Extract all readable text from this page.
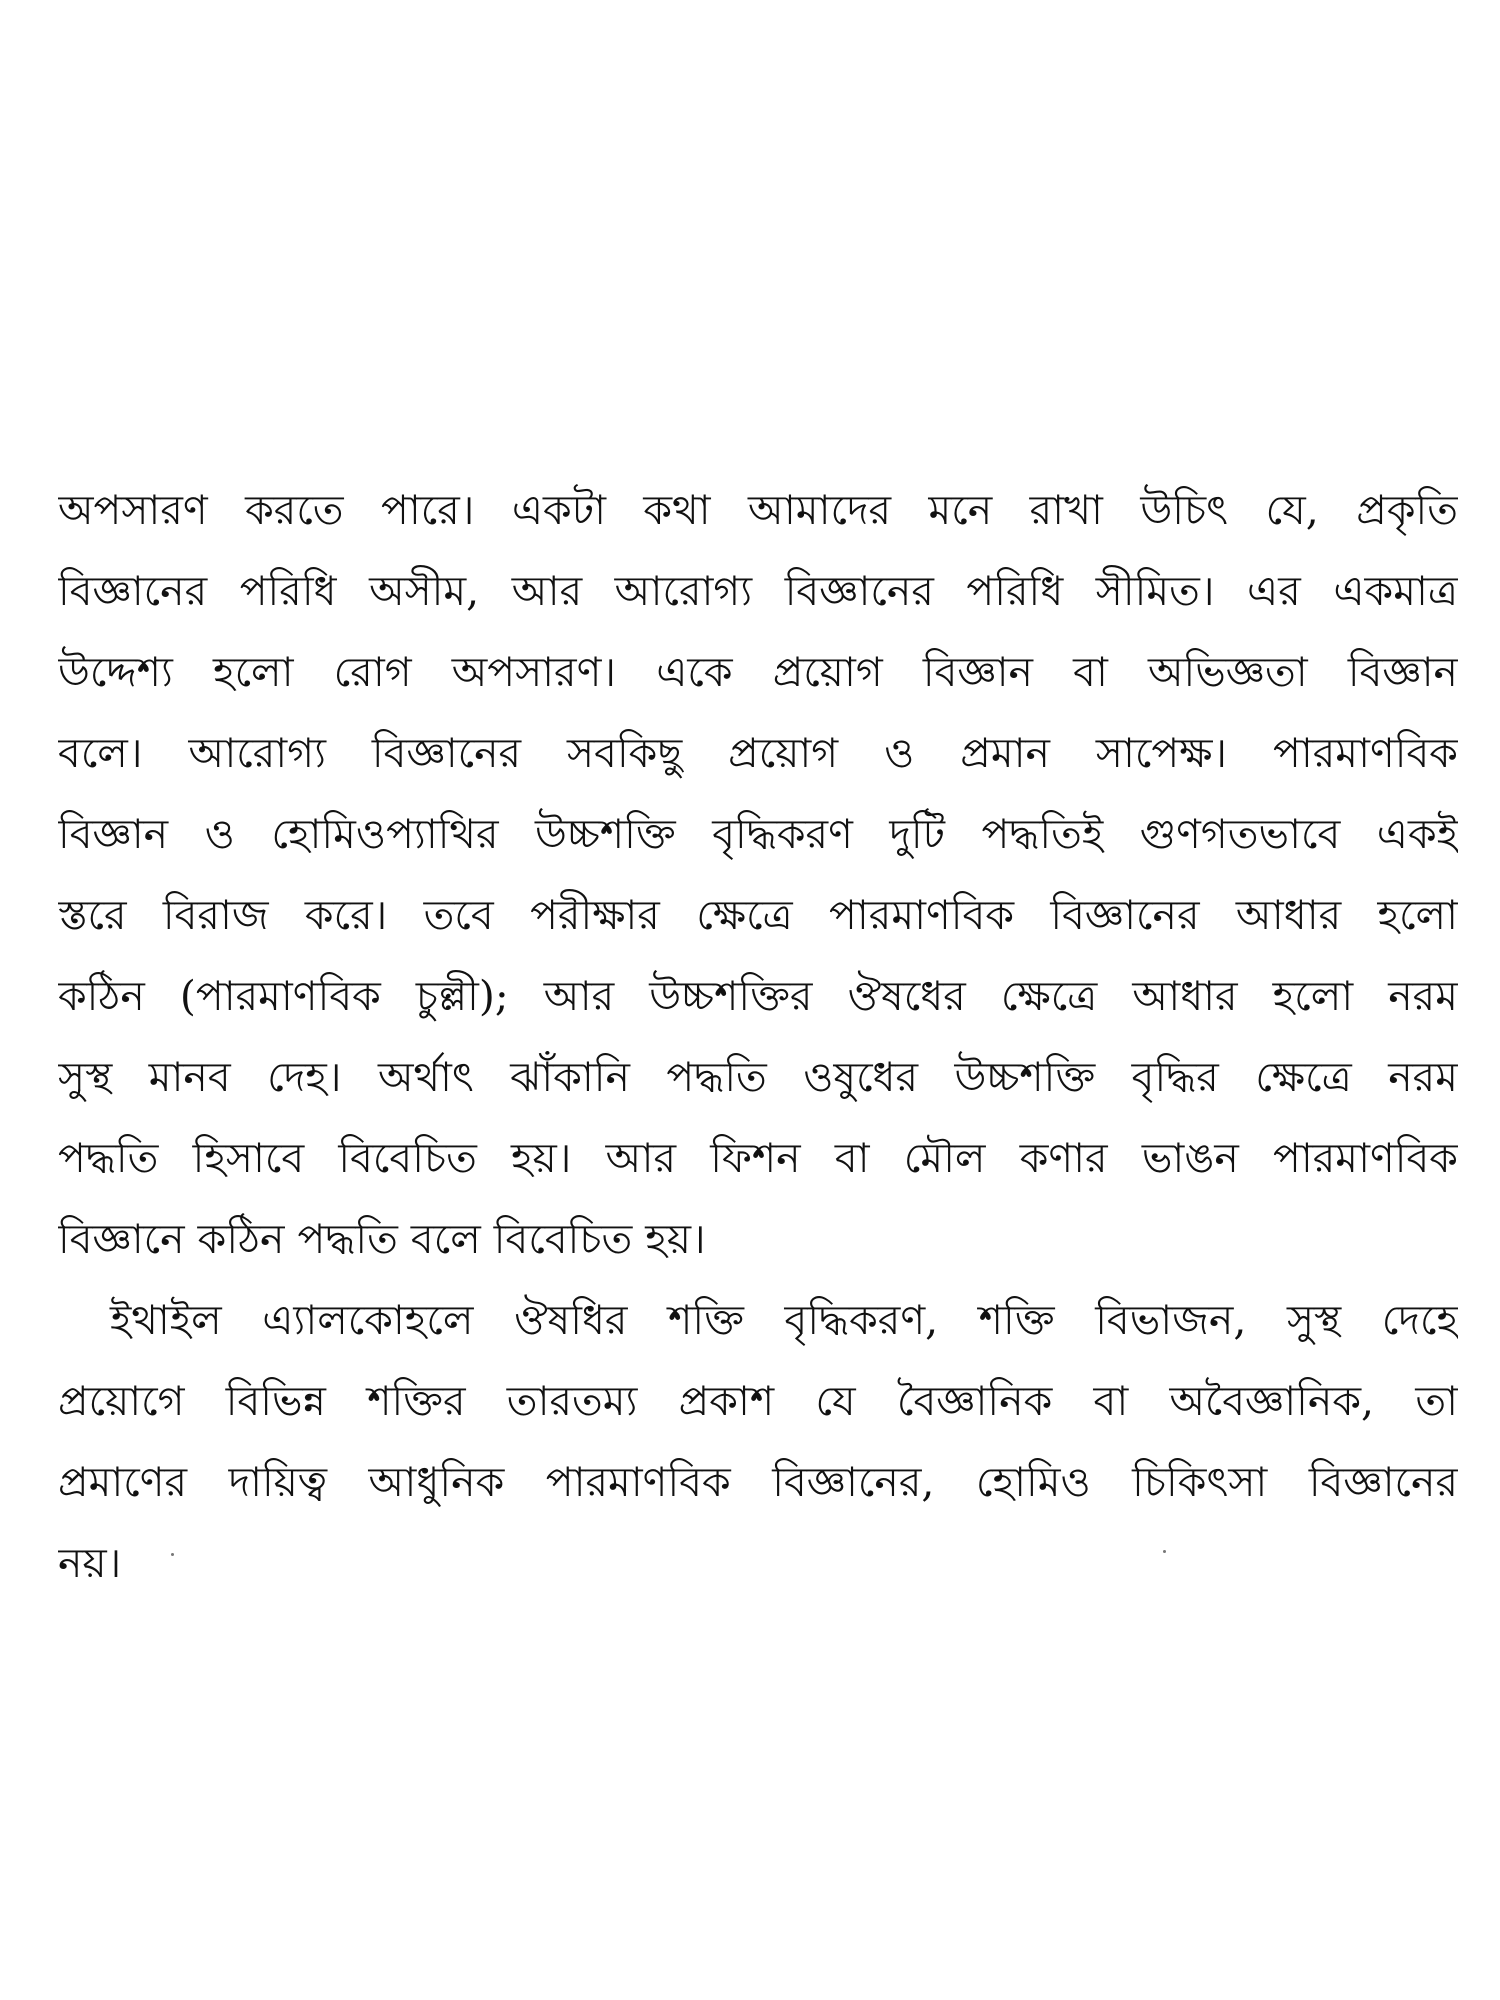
অপসারণ করতে পারে। একটা কথা আমাদের মনে রাখা উচিৎ যে, প্রকৃতি
বিজ্ঞানের পরিধি অসীম, আর আরোগ্য বিজ্ঞানের পরিধি সীমিত। এর একমাত্র
উদ্দেশ্য হলো রোগ অপসারণ। একে প্রয়োগ বিজ্ঞান বা অভিজ্ঞতা বিজ্ঞান
বলে। আরোগ্য বিজ্ঞানের সবকিছু প্রয়োগ ও প্রমান সাপেক্ষ। পারমাণবিক
বিজ্ঞান ও হোমিওপ্যাথির উচ্চশক্তি বৃদ্ধিকরণ দুটি পদ্ধতিই গুণগতভাবে একই
স্তরে বিরাজ করে। তবে পরীক্ষার ক্ষেত্রে পারমাণবিক বিজ্ঞানের আধার হলো
কঠিন (পারমাণবিক চুল্লী); আর উচ্চশক্তির ঔষধের ক্ষেত্রে আধার হলো নরম
সুস্থ মানব দেহ। অর্থাৎ ঝাঁকানি পদ্ধতি ওষুধের উচ্চশক্তি বৃদ্ধির ক্ষেত্রে নরম
পদ্ধতি হিসাবে বিবেচিত হয়। আর ফিশন বা মৌল কণার ভাঙন পারমাণবিক
বিজ্ঞানে কঠিন পদ্ধতি বলে বিবেচিত হয়।
ইথাইল এ্যালকোহলে ঔষধির শক্তি বৃদ্ধিকরণ, শক্তি বিভাজন, সুস্থ দেহে
প্রয়োগে বিভিন্ন শক্তির তারতম্য প্রকাশ যে বৈজ্ঞানিক বা অবৈজ্ঞানিক, তা
প্রমাণের দায়িত্ব আধুনিক পারমাণবিক বিজ্ঞানের, হোমিও চিকিৎসা বিজ্ঞানের
নয়।
